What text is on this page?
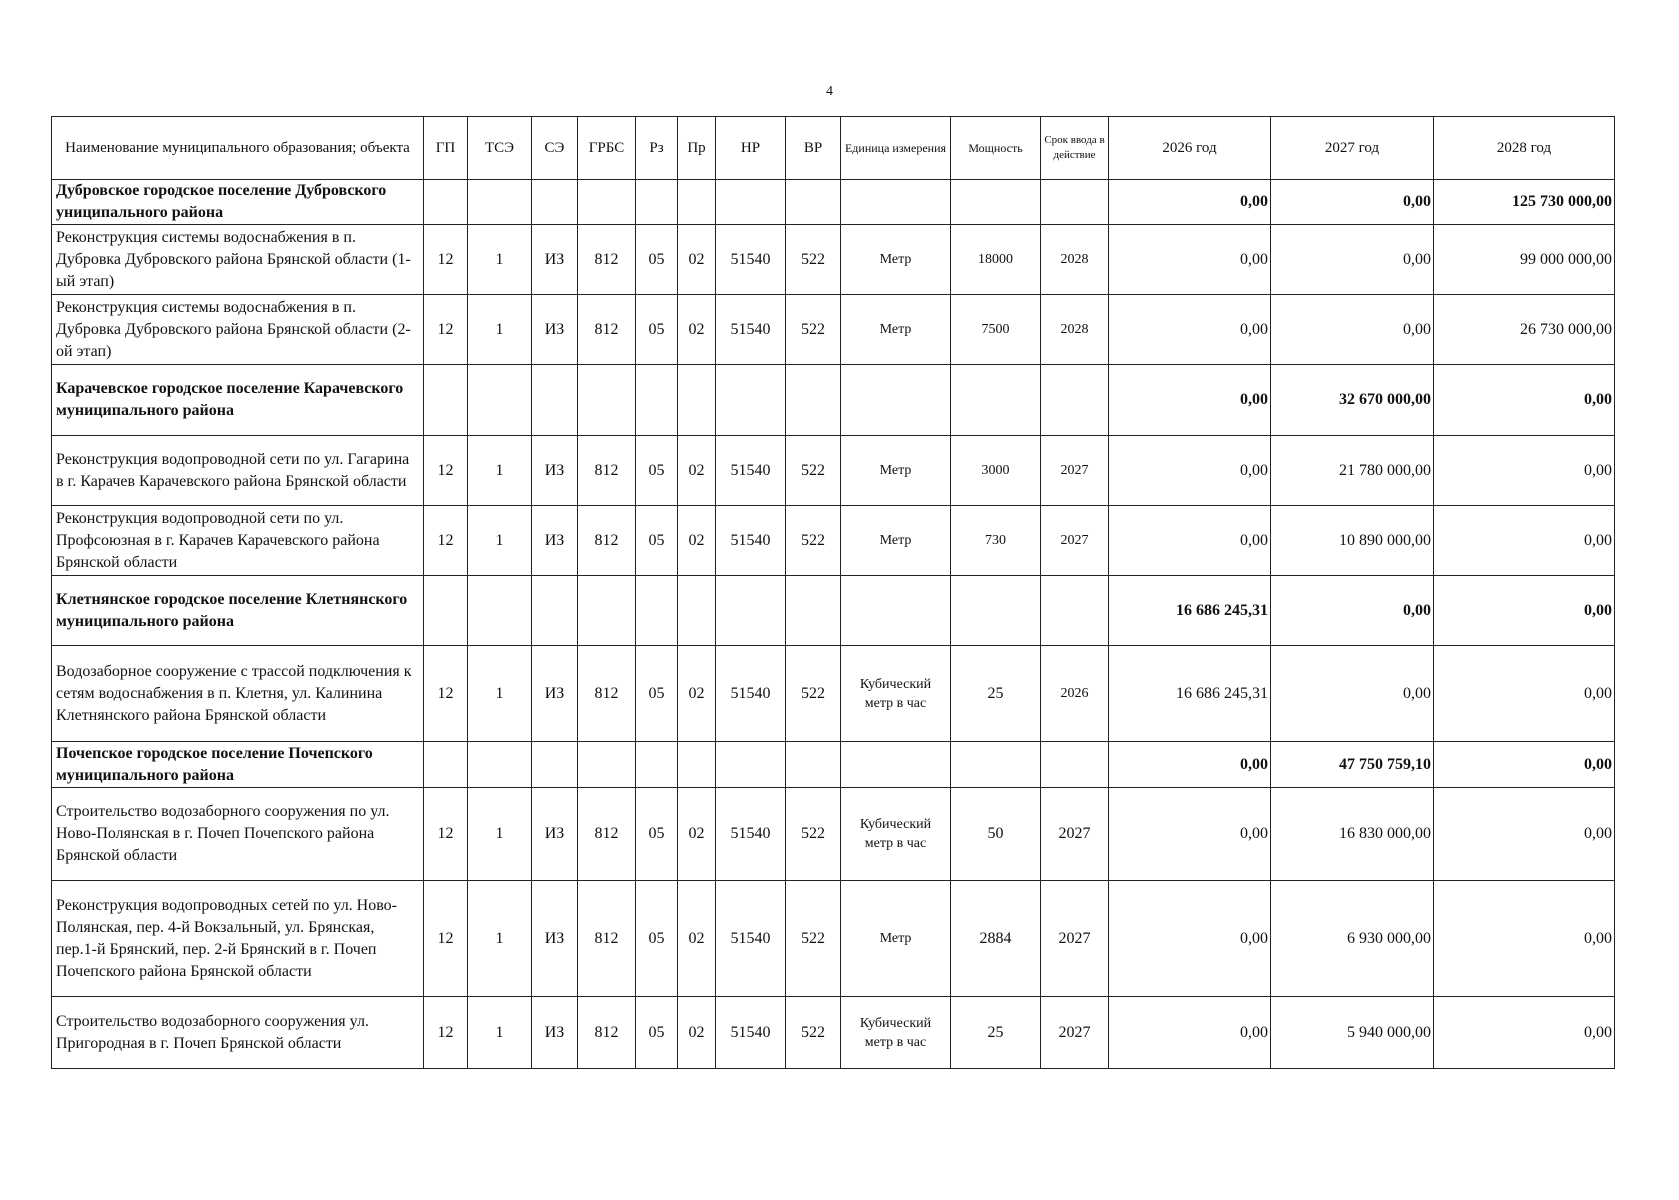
4
Наименование муниципального образования; объекта	ГП	ТСЭ	СЭ	ГРБС	Рз	Пр	НР	ВР	Единица измерения	Мощность	Срок ввода в действие	2026 год	2027 год	2028 год
Дубровское городское поселение Дубровского униципального района												0,00	0,00	125 730 000,00
Реконструкция системы водоснабжения в п. Дубровка Дубровского района Брянской области (1-ый этап)	12	1	ИЗ	812	05	02	51540	522	Метр	18000	2028	0,00	0,00	99 000 000,00
Реконструкция системы водоснабжения в п. Дубровка Дубровского района Брянской области (2-ой этап)	12	1	ИЗ	812	05	02	51540	522	Метр	7500	2028	0,00	0,00	26 730 000,00
Карачевское городское поселение Карачевского муниципального района												0,00	32 670 000,00	0,00
Реконструкция водопроводной сети по ул. Гагарина в г. Карачев Карачевского района Брянской области	12	1	ИЗ	812	05	02	51540	522	Метр	3000	2027	0,00	21 780 000,00	0,00
Реконструкция водопроводной сети по ул. Профсоюзная в г. Карачев Карачевского района Брянской области	12	1	ИЗ	812	05	02	51540	522	Метр	730	2027	0,00	10 890 000,00	0,00
Клетнянское городское поселение Клетнянского муниципального района												16 686 245,31	0,00	0,00
Водозаборное сооружение с трассой подключения к сетям водоснабжения в п. Клетня, ул. Калинина Клетнянского района Брянской области	12	1	ИЗ	812	05	02	51540	522	Кубический метр в час	25	2026	16 686 245,31	0,00	0,00
Почепское городское поселение Почепского муниципального района												0,00	47 750 759,10	0,00
Строительство водозаборного сооружения по ул. Ново-Полянская в г. Почеп Почепского района Брянской области	12	1	ИЗ	812	05	02	51540	522	Кубический метр в час	50	2027	0,00	16 830 000,00	0,00
Реконструкция водопроводных сетей по ул. Ново-Полянская, пер. 4-й Вокзальный, ул. Брянская, пер.1-й Брянский, пер. 2-й Брянский в г. Почеп Почепского района Брянской области	12	1	ИЗ	812	05	02	51540	522	Метр	2884	2027	0,00	6 930 000,00	0,00
Строительство водозаборного сооружения ул. Пригородная в г. Почеп Брянской области	12	1	ИЗ	812	05	02	51540	522	Кубический метр в час	25	2027	0,00	5 940 000,00	0,00
